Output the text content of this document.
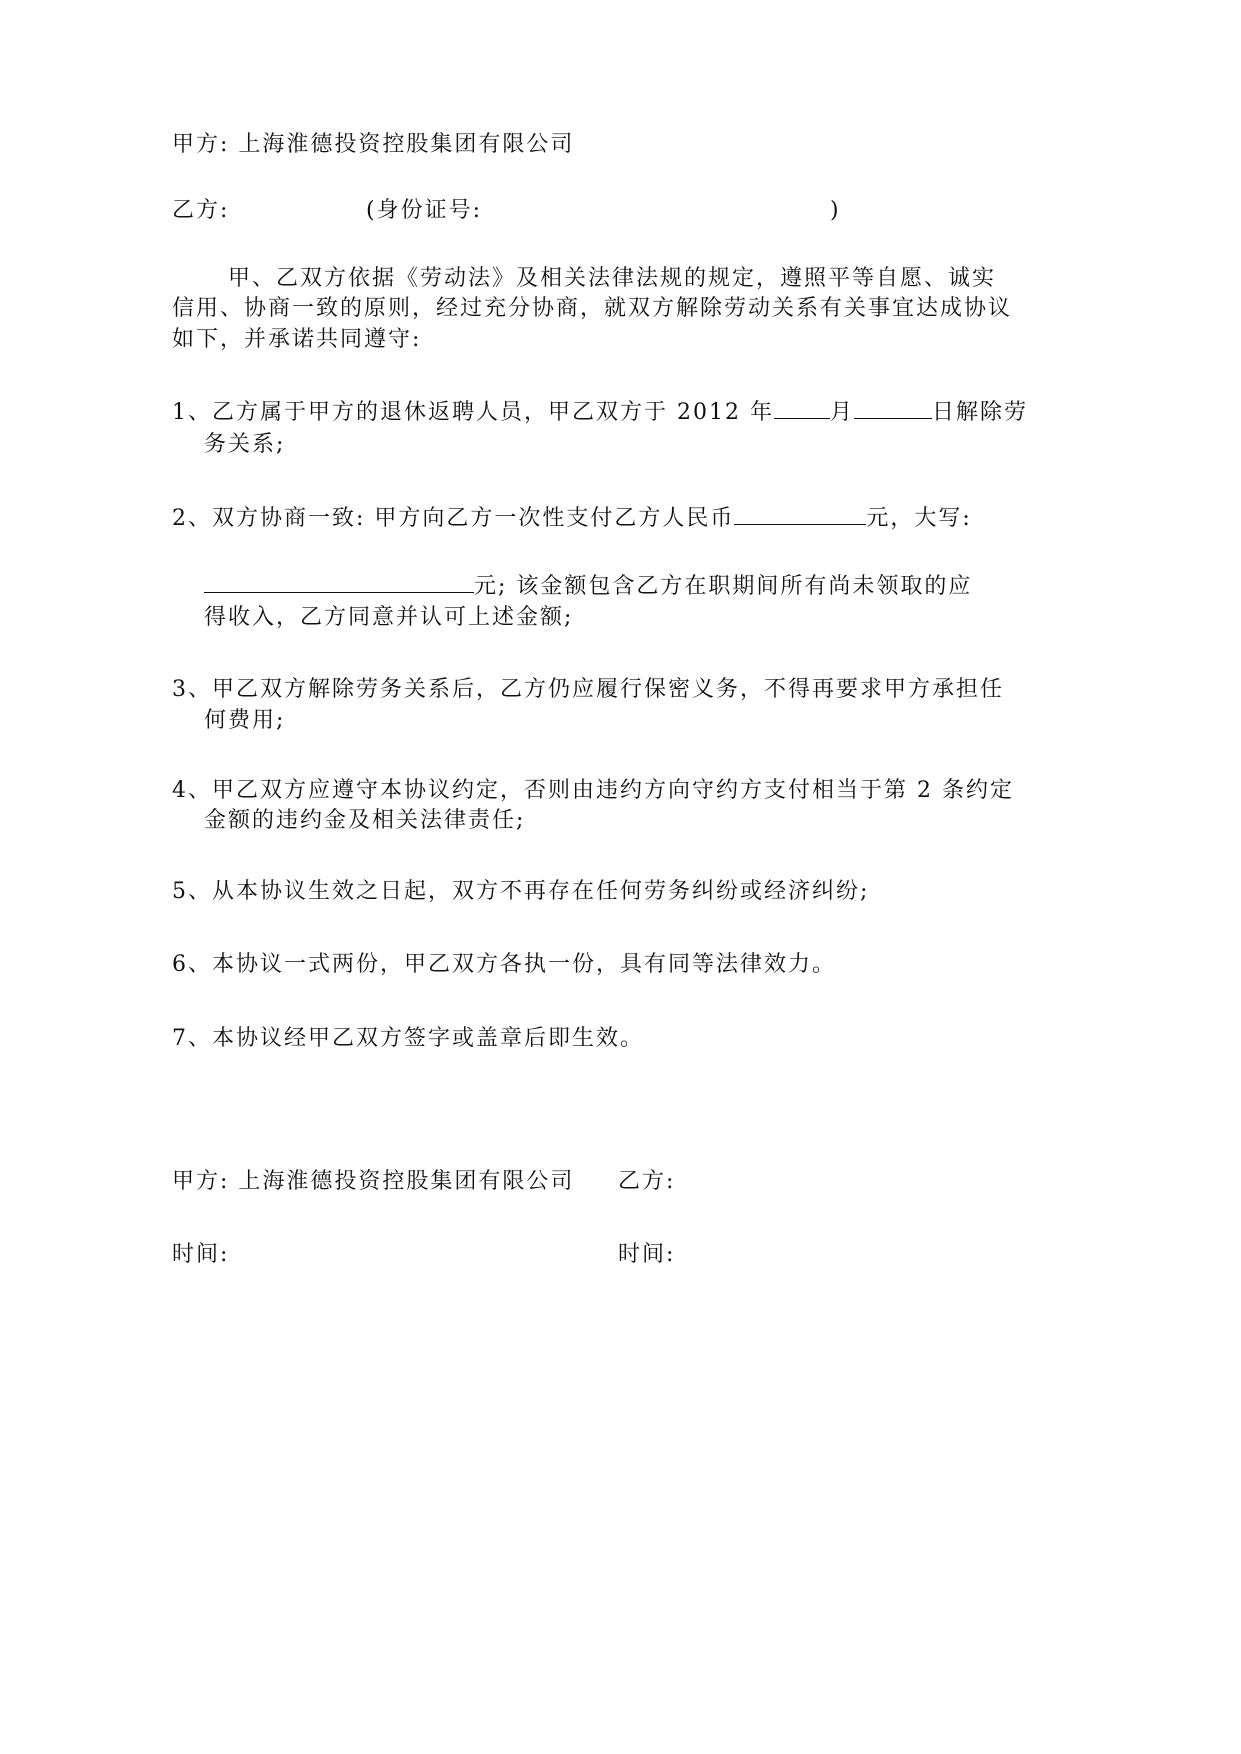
甲方: 上海淮德投资控股集团有限公司
乙方:	(身份证号:	)
甲、乙双方依据《劳动法》及相关法律法规的规定，遵照平等自愿、诚实
信用、协商一致的原则，经过充分协商，就双方解除劳动关系有关事宜达成协议
如下，并承诺共同遵守:
1、乙方属于甲方的退休返聘人员，甲乙双方于 2012 年	月	日解除劳
务关系;
2、双方协商一致: 甲方向乙方一次性支付乙方人民币	元，大写:
元; 该金额包含乙方在职期间所有尚未领取的应
得收入，乙方同意并认可上述金额;
3、甲乙双方解除劳务关系后，乙方仍应履行保密义务，不得再要求甲方承担任
何费用;
4、甲乙双方应遵守本协议约定，否则由违约方向守约方支付相当于第 2 条约定
金额的违约金及相关法律责任;
5、从本协议生效之日起，双方不再存在任何劳务纠纷或经济纠纷;
6、本协议一式两份，甲乙双方各执一份，具有同等法律效力。
7、本协议经甲乙双方签字或盖章后即生效。
甲方: 上海淮德投资控股集团有限公司 乙方:
时间:	时间:
